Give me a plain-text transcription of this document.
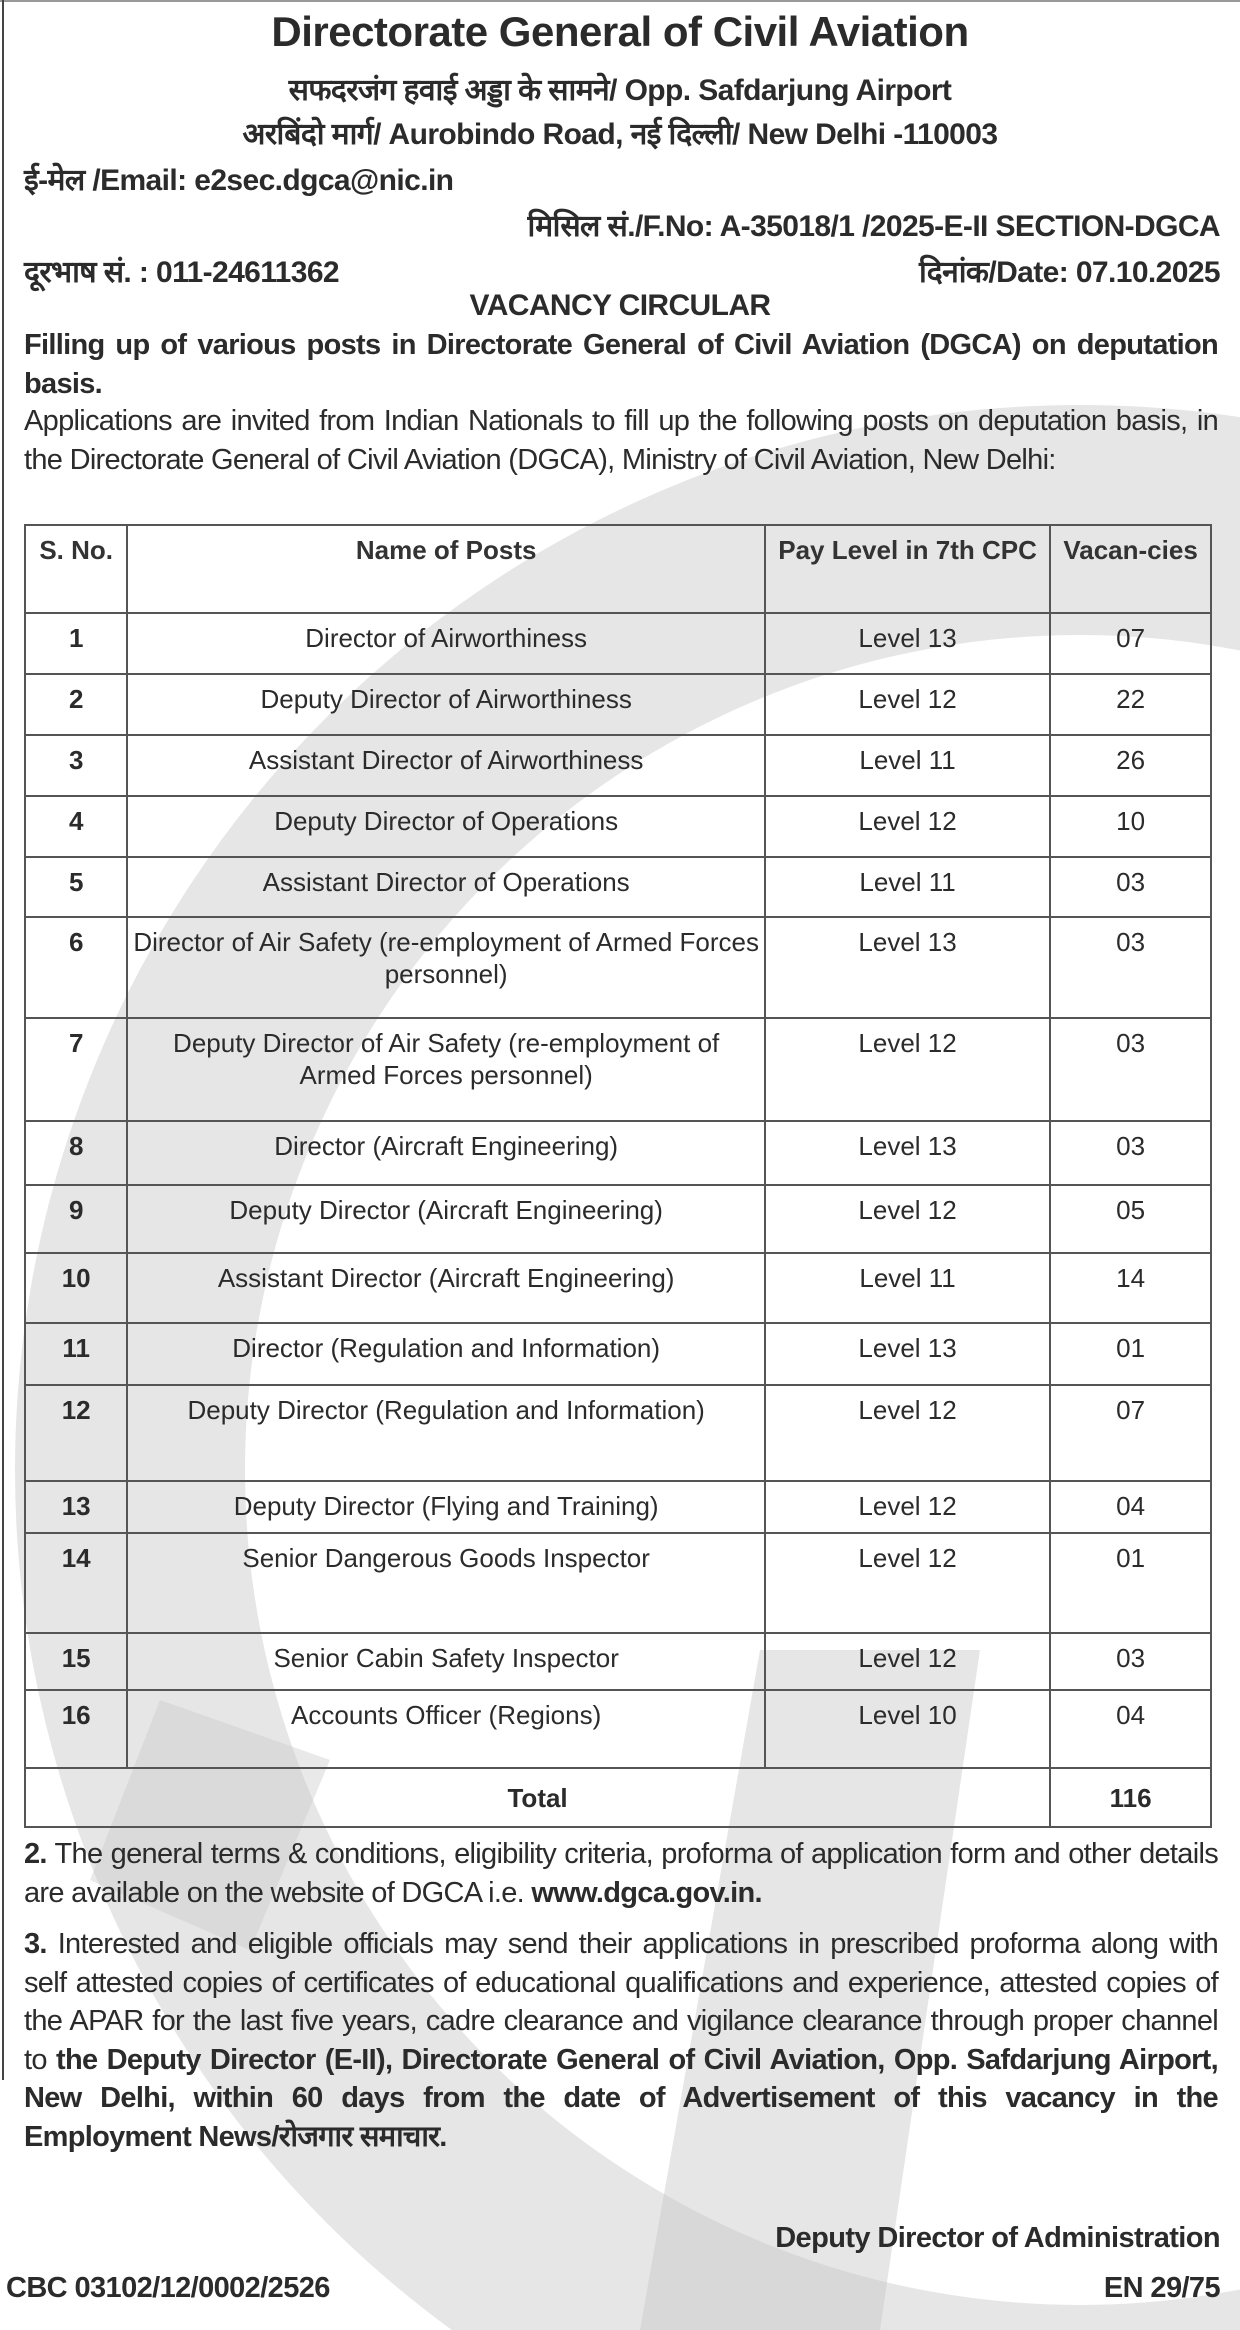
Directorate General of Civil Aviation
सफदरजंग हवाई अड्डा के सामने/ Opp. Safdarjung Airport
अरबिंदो मार्ग/ Aurobindo Road, नई दिल्ली/ New Delhi -110003
ई-मेल /Email: e2sec.dgca@nic.in
मिसिल सं./F.No: A-35018/1 /2025-E-II SECTION-DGCA
दूरभाष सं. : 011-24611362	दिनांक/Date: 07.10.2025
VACANCY CIRCULAR
Filling up of various posts in Directorate General of Civil Aviation (DGCA) on deputation basis.
Applications are invited from Indian Nationals to fill up the following posts on deputation basis, in the Directorate General of Civil Aviation (DGCA), Ministry of Civil Aviation, New Delhi:
S. No.	Name of Posts	Pay Level in 7th CPC	Vacan-cies
1	Director of Airworthiness	Level 13	07
2	Deputy Director of Airworthiness	Level 12	22
3	Assistant Director of Airworthiness	Level 11	26
4	Deputy Director of Operations	Level 12	10
5	Assistant Director of Operations	Level 11	03
6	Director of Air Safety (re-employment of Armed Forces personnel)	Level 13	03
7	Deputy Director of Air Safety (re-employment of Armed Forces personnel)	Level 12	03
8	Director (Aircraft Engineering)	Level 13	03
9	Deputy Director (Aircraft Engineering)	Level 12	05
10	Assistant Director (Aircraft Engineering)	Level 11	14
11	Director (Regulation and Information)	Level 13	01
12	Deputy Director (Regulation and Information)	Level 12	07
13	Deputy Director (Flying and Training)	Level 12	04
14	Senior Dangerous Goods Inspector	Level 12	01
15	Senior Cabin Safety Inspector	Level 12	03
16	Accounts Officer (Regions)	Level 10	04
Total			116
2. The general terms & conditions, eligibility criteria, proforma of application form and other details are available on the website of DGCA i.e. www.dgca.gov.in.
3. Interested and eligible officials may send their applications in prescribed proforma along with self attested copies of certificates of educational qualifications and experience, attested copies of the APAR for the last five years, cadre clearance and vigilance clearance through proper channel to the Deputy Director (E-II), Directorate General of Civil Aviation, Opp. Safdarjung Airport, New Delhi, within 60 days from the date of Advertisement of this vacancy in the Employment News/रोजगार समाचार.
Deputy Director of Administration
CBC 03102/12/0002/2526	EN 29/75
